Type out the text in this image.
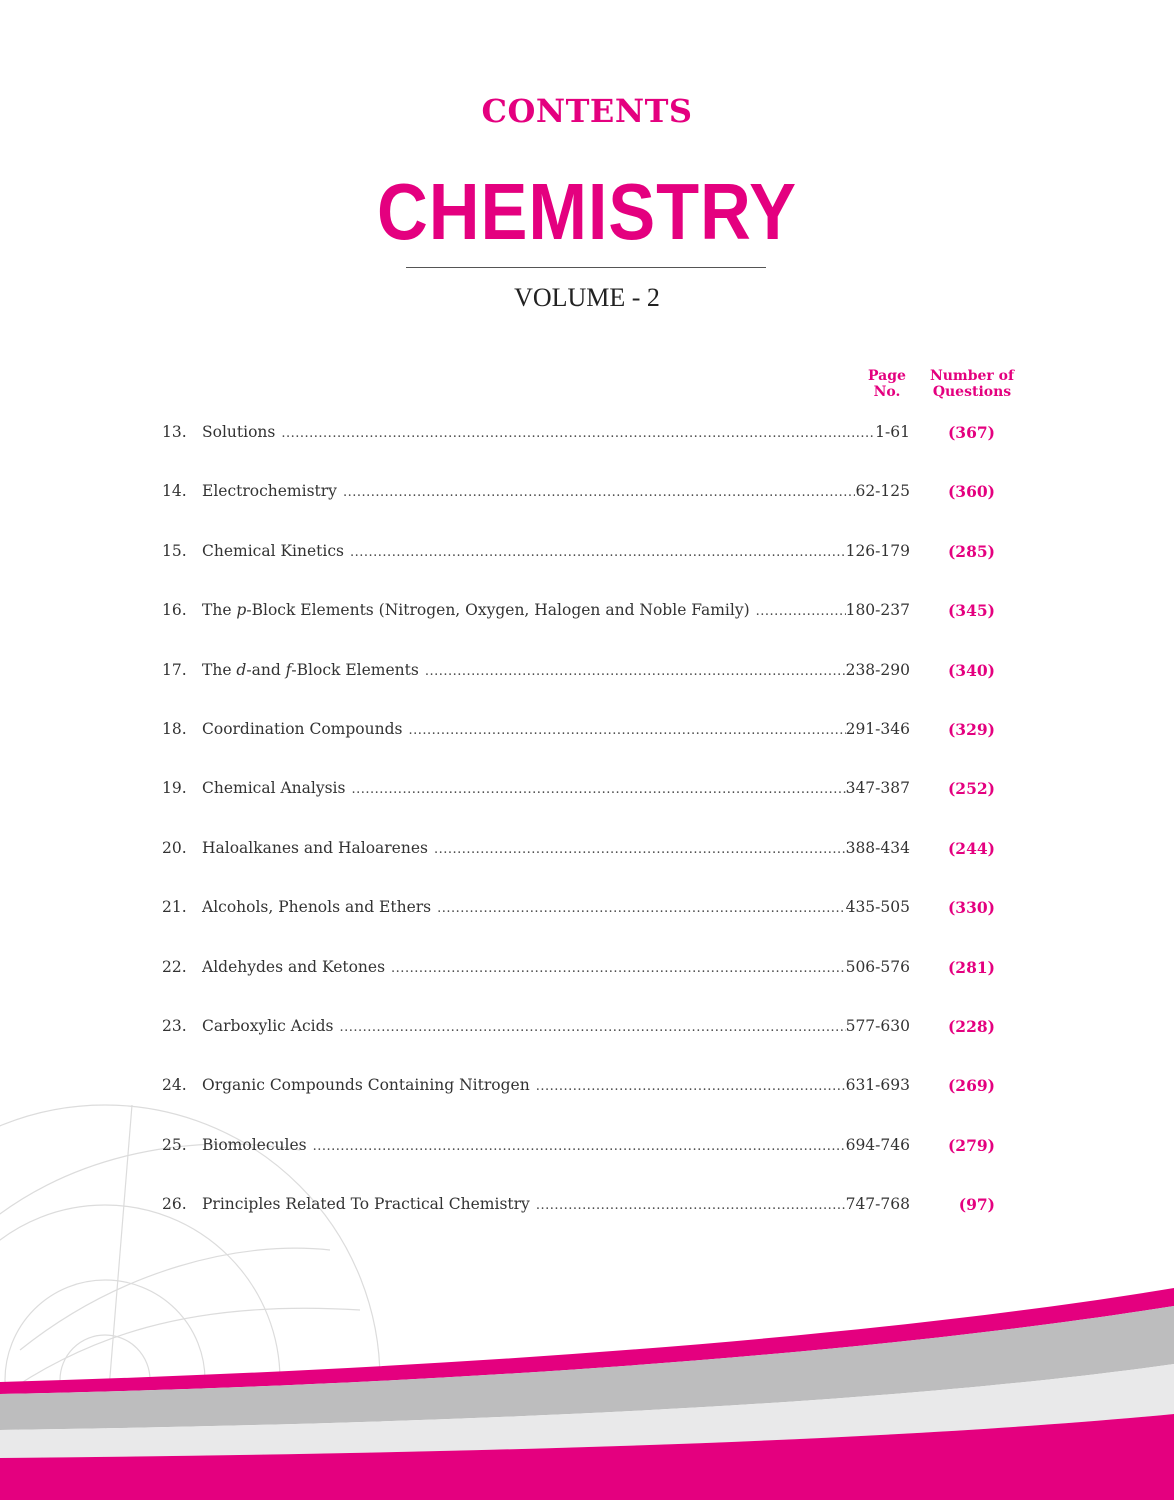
CONTENTS
CHEMISTRY
VOLUME - 2
Page
No.
Number of
Questions
13. Solutions .....	1-61	(367)
14. Electrochemistry .....	62-125	(360)
15. Chemical Kinetics .....	126-179	(285)
16. The p-Block Elements (Nitrogen, Oxygen, Halogen and Noble Family) .....	180-237	(345)
17. The d-and f-Block Elements .....	238-290	(340)
18. Coordination Compounds .....	291-346	(329)
19. Chemical Analysis .....	347-387	(252)
20. Haloalkanes and Haloarenes .....	388-434	(244)
21. Alcohols, Phenols and Ethers .....	435-505	(330)
22. Aldehydes and Ketones .....	506-576	(281)
23. Carboxylic Acids .....	577-630	(228)
24. Organic Compounds Containing Nitrogen .....	631-693	(269)
25. Biomolecules .....	694-746	(279)
26. Principles Related To Practical Chemistry .....	747-768	(97)
